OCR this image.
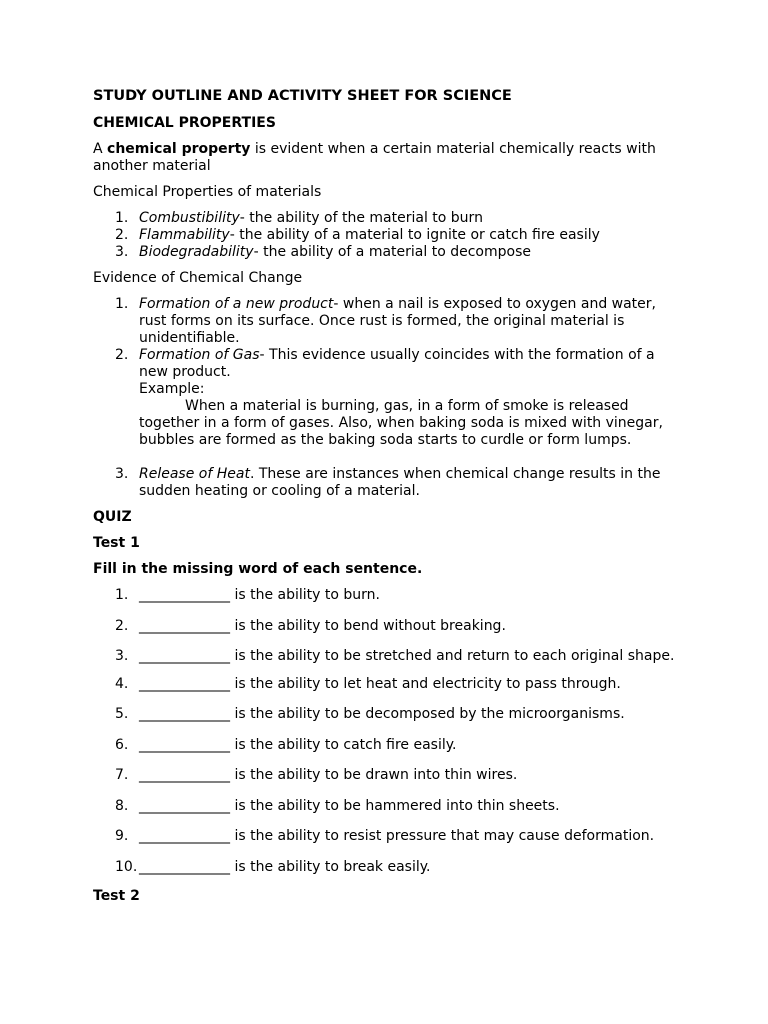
STUDY OUTLINE AND ACTIVITY SHEET FOR SCIENCE

CHEMICAL PROPERTIES

A chemical property is evident when a certain material chemically reacts with another material

Chemical Properties of materials

1. Combustibility- the ability of the material to burn
2. Flammability- the ability of a material to ignite or catch fire easily
3. Biodegradability- the ability of a material to decompose

Evidence of Chemical Change

1. Formation of a new product- when a nail is exposed to oxygen and water, rust forms on its surface. Once rust is formed, the original material is unidentifiable.
2. Formation of Gas- This evidence usually coincides with the formation of a new product.
Example:

When a material is burning, gas, in a form of smoke is released together in a form of gases. Also, when baking soda is mixed with vinegar, bubbles are formed as the baking soda starts to curdle or form lumps.
3. Release of Heat. These are instances when chemical change results in the sudden heating or cooling of a material.

QUIZ

Test 1

Fill in the missing word of each sentence.

1. _____________ is the ability to burn.
2. _____________ is the ability to bend without breaking.
3. _____________ is the ability to be stretched and return to each original shape.
4. _____________ is the ability to let heat and electricity to pass through.
5. _____________ is the ability to be decomposed by the microorganisms.
6. _____________ is the ability to catch fire easily.
7. _____________ is the ability to be drawn into thin wires.
8. _____________ is the ability to be hammered into thin sheets.
9. _____________ is the ability to resist pressure that may cause deformation.
10. _____________ is the ability to break easily.

Test 2
